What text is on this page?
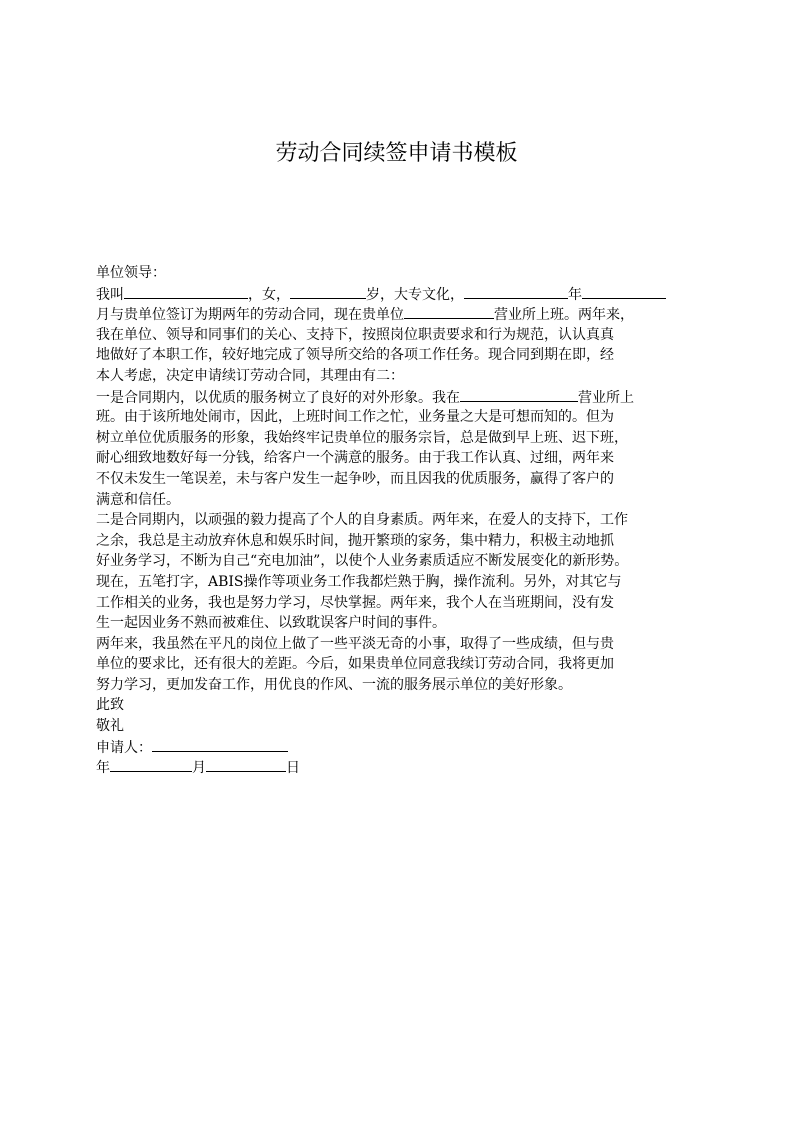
劳动合同续签申请书模板
单位领导：
我叫	，女，	岁，大专文化，	年
月与贵单位签订为期两年的劳动合同，现在贵单位	营业所上班。两年来，
我在单位、领导和同事们的关心、支持下，按照岗位职责要求和行为规范，认认真真
地做好了本职工作，较好地完成了领导所交给的各项工作任务。现合同到期在即，经
本人考虑，决定申请续订劳动合同，其理由有二：
一是合同期内，以优质的服务树立了良好的对外形象。我在	营业所上
班。由于该所地处闹市，因此，上班时间工作之忙，业务量之大是可想而知的。但为
树立单位优质服务的形象，我始终牢记贵单位的服务宗旨，总是做到早上班、迟下班，
耐心细致地数好每一分钱，给客户一个满意的服务。由于我工作认真、过细，两年来
不仅未发生一笔误差，未与客户发生一起争吵，而且因我的优质服务，赢得了客户的
满意和信任。
二是合同期内，以顽强的毅力提高了个人的自身素质。两年来，在爱人的支持下，工作
之余，我总是主动放弃休息和娱乐时间，抛开繁琐的家务，集中精力，积极主动地抓
好业务学习，不断为自己“充电加油”，以使个人业务素质适应不断发展变化的新形势。
现在，五笔打字，ABIS操作等项业务工作我都烂熟于胸，操作流利。另外，对其它与
工作相关的业务，我也是努力学习，尽快掌握。两年来，我个人在当班期间，没有发
生一起因业务不熟而被难住、以致耽误客户时间的事件。
两年来，我虽然在平凡的岗位上做了一些平淡无奇的小事，取得了一些成绩，但与贵
单位的要求比，还有很大的差距。今后，如果贵单位同意我续订劳动合同，我将更加
努力学习，更加发奋工作，用优良的作风、一流的服务展示单位的美好形象。
此致
敬礼
申请人：
年	月	日
